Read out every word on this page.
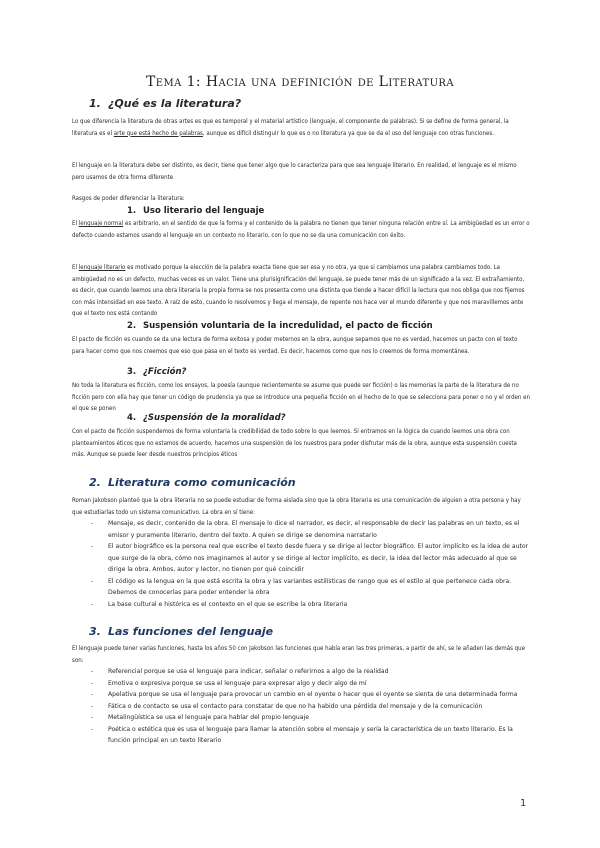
Tema 1: Hacia una definición de Literatura
1. ¿Qué es la literatura?

Lo que diferencia la literatura de otras artes es que es temporal y el material artístico (lenguaje, el componente de palabras). Si se define de forma general, la literatura es el arte que está hecho de palabras, aunque es difícil distinguir lo que es o no literatura ya que se da el uso del lenguaje con otras funciones.

El lenguaje en la literatura debe ser distinto, es decir, tiene que tener algo que lo caracteriza para que sea lenguaje literario. En realidad, el lenguaje es el mismo pero usamos de otra forma diferente

Rasgos de poder diferenciar la literatura:

1. Uso literario del lenguaje

El lenguaje normal es arbitrario, en el sentido de que la forma y el contenido de la palabra no tienen que tener ninguna relación entre sí. La ambigüedad es un error o defecto cuando estamos usando el lenguaje en un contexto no literario, con lo que no se da una comunicación con éxito.

El lenguaje literario es motivado porque la elección de la palabra exacta tiene que ser esa y no otra, ya que si cambiamos una palabra cambiamos todo. La ambigüedad no es un defecto, muchas veces es un valor. Tiene una plurisignificación del lenguaje, se puede tener más de un significado a la vez. El extrañamiento, es decir, que cuando leemos una obra literaria la propia forma se nos presenta como una distinta que tiende a hacer difícil la lectura que nos obliga que nos fijemos con más intensidad en ese texto. A raíz de esto, cuando lo resolvemos y llega el mensaje, de repente nos hace ver el mundo diferente y que nos maravillemos ante que el texto nos está contando

2. Suspensión voluntaria de la incredulidad, el pacto de ficción

El pacto de ficción es cuando se da una lectura de forma exitosa y poder meternos en la obra, aunque sepamos que no es verdad, hacemos un pacto con el texto para hacer como que nos creemos que eso que pasa en el texto es verdad. Es decir, hacemos como que nos lo creemos de forma momentánea.

3. ¿Ficción?

No toda la literatura es ficción, como los ensayos, la poesía (aunque recientemente se asume que puede ser ficción) o las memorias la parte de la literatura de no ficción pero con ella hay que tener un código de prudencia ya que se introduce una pequeña ficción en el hecho de lo que se selecciona para poner o no y el orden en el que se ponen

4. ¿Suspensión de la moralidad?

Con el pacto de ficción suspendemos de forma voluntaria la credibilidad de todo sobre lo que leemos. Si entramos en la lógica de cuando leemos una obra con planteamientos éticos que no estamos de acuerdo, hacemos una suspensión de los nuestros para poder disfrutar más de la obra, aunque esta suspensión cuesta más. Aunque se puede leer desde nuestros principios éticos

2. Literatura como comunicación

Roman Jakobson planteó que la obra literaria no se puede estudiar de forma aislada sino que la obra literaria es una comunicación de alguien a otra persona y hay que estudiarlas todo un sistema comunicativo. La obra en sí tiene:

- Mensaje, es decir, contenido de la obra. El mensaje lo dice el narrador, es decir, el responsable de decir las palabras en un texto, es el emisor y puramente literario, dentro del texto. A quien se dirige se denomina narratario
- El autor biográfico es la persona real que escribe el texto desde fuera y se dirige al lector biográfico. El autor implícito es la idea de autor que surge de la obra, cómo nos imaginamos al autor y se dirige al lector implícito, es decir, la idea del lector más adecuado al que se dirige la obra. Ambos, autor y lector, no tienen por qué coincidir
- El código es la lengua en la que está escrita la obra y las variantes estilísticas de rango que es el estilo al que pertenece cada obra. Debemos de conocerlas para poder entender la obra
- La base cultural e histórica es el contexto en el que se escribe la obra literaria
3. Las funciones del lenguaje

El lenguaje puede tener varias funciones, hasta los años 50 con Jakobson las funciones que había eran las tres primeras, a partir de ahí, se le añaden las demás que son:

- Referencial porque se usa el lenguaje para indicar, señalar o referirnos a algo de la realidad
- Emotiva o expresiva porque se usa el lenguaje para expresar algo y decir algo de mí
- Apelativa porque se usa el lenguaje para provocar un cambio en el oyente o hacer que el oyente se sienta de una determinada forma
- Fática o de contacto se usa el contacto para constatar de que no ha habido una pérdida del mensaje y de la comunicación
- Metalingüística se usa el lenguaje para hablar del propio lenguaje
- Poética o estética que es usa el lenguaje para llamar la atención sobre el mensaje y sería la característica de un texto literario. Es la función principal en un texto literario
1
